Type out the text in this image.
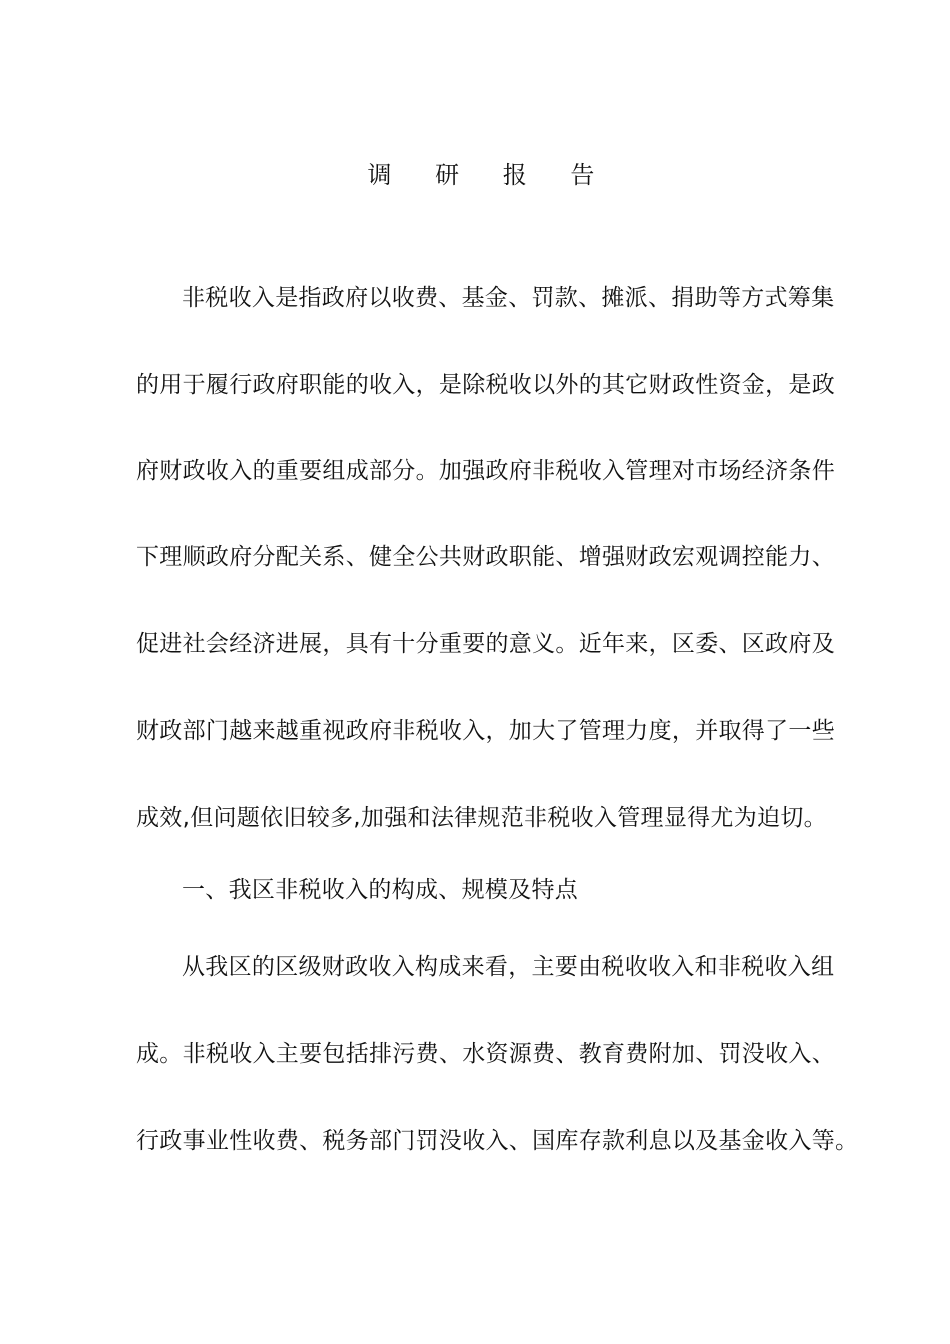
调 研 报 告
非税收入是指政府以收费、基金、罚款、摊派、捐助等方式筹集
的用于履行政府职能的收入，是除税收以外的其它财政性资金，是政
府财政收入的重要组成部分。加强政府非税收入管理对市场经济条件
下理顺政府分配关系、健全公共财政职能、增强财政宏观调控能力、
促进社会经济进展，具有十分重要的意义。近年来，区委、区政府及
财政部门越来越重视政府非税收入，加大了管理力度，并取得了一些
成效,但问题依旧较多,加强和法律规范非税收入管理显得尤为迫切。
一、我区非税收入的构成、规模及特点
从我区的区级财政收入构成来看，主要由税收收入和非税收入组
成。非税收入主要包括排污费、水资源费、教育费附加、罚没收入、
行政事业性收费、税务部门罚没收入、国库存款利息以及基金收入等。
